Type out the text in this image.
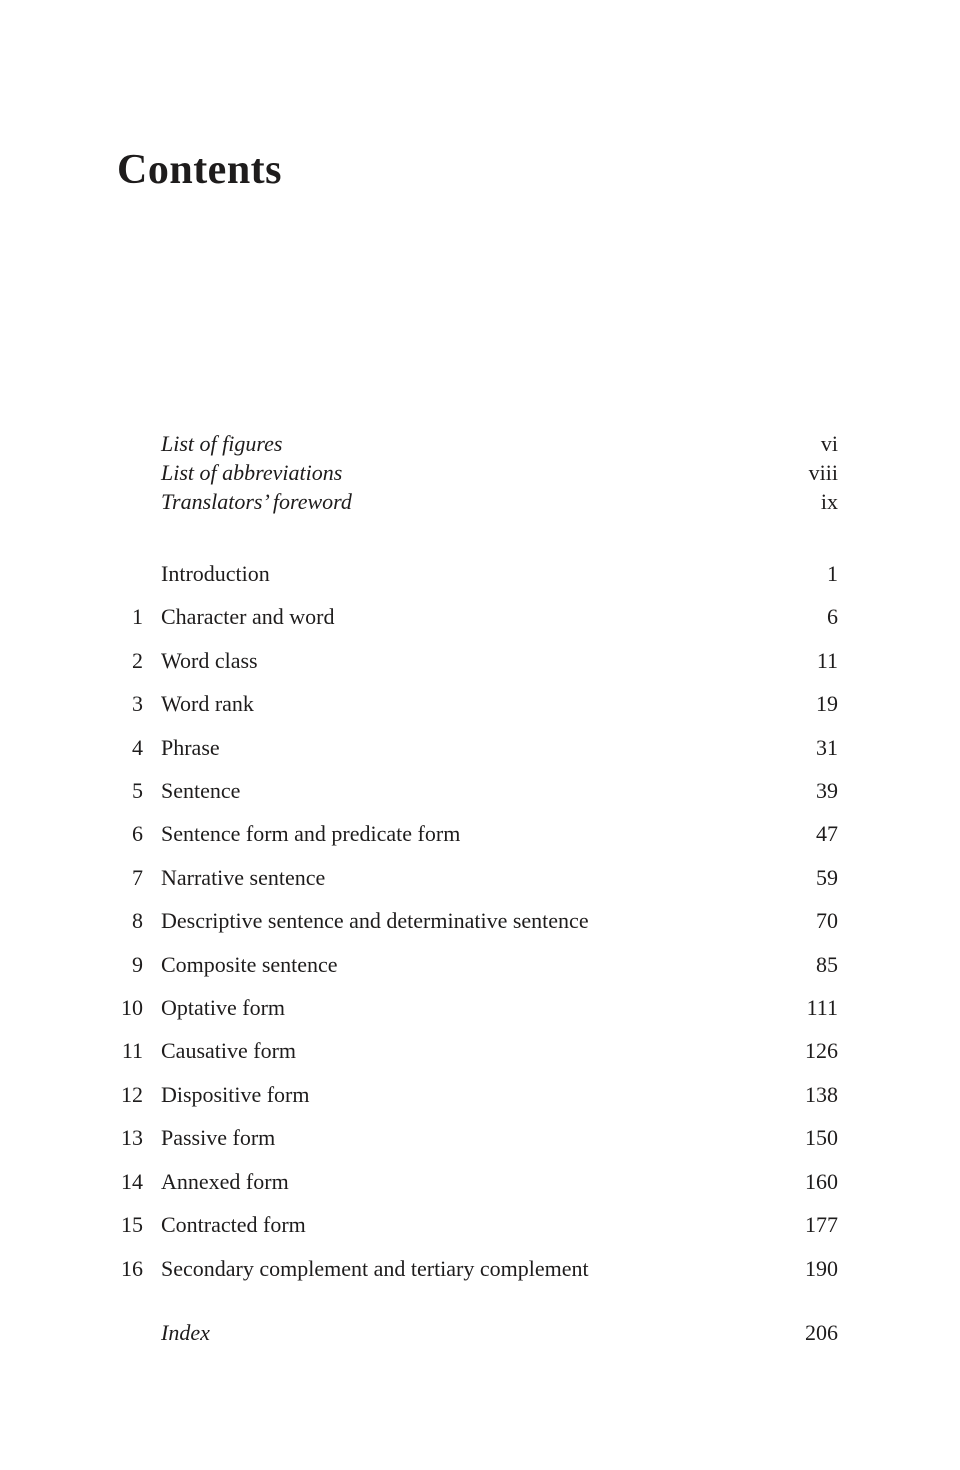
Contents
List of figures	vi
List of abbreviations	viii
Translators’ foreword	ix
Introduction	1
1 Character and word	6
2 Word class	11
3 Word rank	19
4 Phrase	31
5 Sentence	39
6 Sentence form and predicate form	47
7 Narrative sentence	59
8 Descriptive sentence and determinative sentence	70
9 Composite sentence	85
10 Optative form	111
11 Causative form	126
12 Dispositive form	138
13 Passive form	150
14 Annexed form	160
15 Contracted form	177
16 Secondary complement and tertiary complement	190
Index	206
